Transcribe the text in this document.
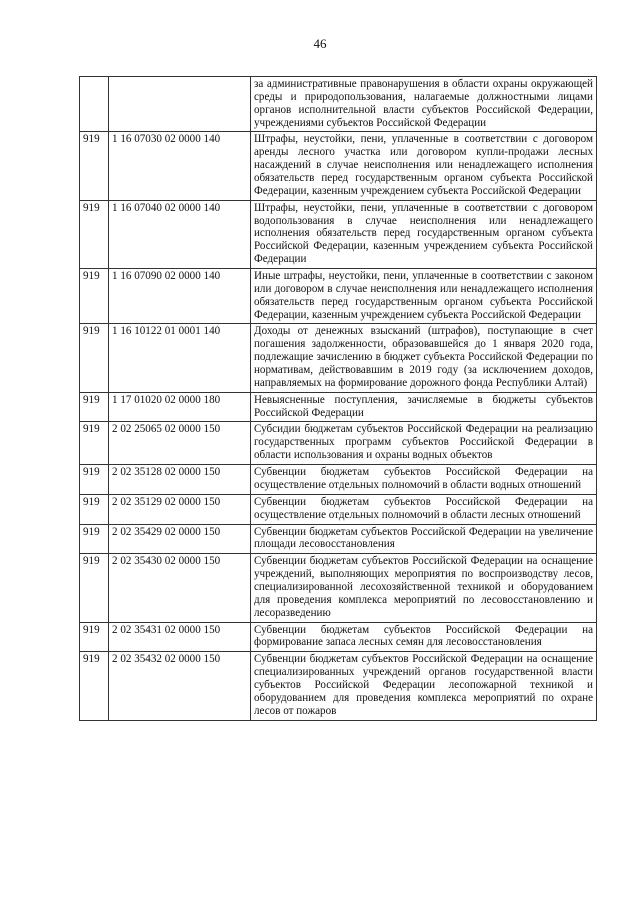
46
		за административные правонарушения в области охраны окружающей среды и природопользования, налагаемые должностными лицами органов исполнительной власти субъектов Российской Федерации, учреждениями субъектов Российской Федерации
919	1 16 07030 02 0000 140	Штрафы, неустойки, пени, уплаченные в соответствии с договором аренды лесного участка или договором купли-продажи лесных насаждений в случае неисполнения или ненадлежащего исполнения обязательств перед государственным органом субъекта Российской Федерации, казенным учреждением субъекта Российской Федерации
919	1 16 07040 02 0000 140	Штрафы, неустойки, пени, уплаченные в соответствии с договором водопользования в случае неисполнения или ненадлежащего исполнения обязательств перед государственным органом субъекта Российской Федерации, казенным учреждением субъекта Российской Федерации
919	1 16 07090 02 0000 140	Иные штрафы, неустойки, пени, уплаченные в соответствии с законом или договором в случае неисполнения или ненадлежащего исполнения обязательств перед государственным органом субъекта Российской Федерации, казенным учреждением субъекта Российской Федерации
919	1 16 10122 01 0001 140	Доходы от денежных взысканий (штрафов), поступающие в счет погашения задолженности, образовавшейся до 1 января 2020 года, подлежащие зачислению в бюджет субъекта Российской Федерации по нормативам, действовавшим в 2019 году (за исключением доходов, направляемых на формирование дорожного фонда Республики Алтай)
919	1 17 01020 02 0000 180	Невыясненные поступления, зачисляемые в бюджеты субъектов Российской Федерации
919	2 02 25065 02 0000 150	Субсидии бюджетам субъектов Российской Федерации на реализацию государственных программ субъектов Российской Федерации в области использования и охраны водных объектов
919	2 02 35128 02 0000 150	Субвенции бюджетам субъектов Российской Федерации на осуществление отдельных полномочий в области водных отношений
919	2 02 35129 02 0000 150	Субвенции бюджетам субъектов Российской Федерации на осуществление отдельных полномочий в области лесных отношений
919	2 02 35429 02 0000 150	Субвенции бюджетам субъектов Российской Федерации на увеличение площади лесовосстановления
919	2 02 35430 02 0000 150	Субвенции бюджетам субъектов Российской Федерации на оснащение учреждений, выполняющих мероприятия по воспроизводству лесов, специализированной лесохозяйственной техникой и оборудованием для проведения комплекса мероприятий по лесовосстановлению и лесоразведению
919	2 02 35431 02 0000 150	Субвенции бюджетам субъектов Российской Федерации на формирование запаса лесных семян для лесовосстановления
919	2 02 35432 02 0000 150	Субвенции бюджетам субъектов Российской Федерации на оснащение специализированных учреждений органов государственной власти субъектов Российской Федерации лесопожарной техникой и оборудованием для проведения комплекса мероприятий по охране лесов от пожаров
